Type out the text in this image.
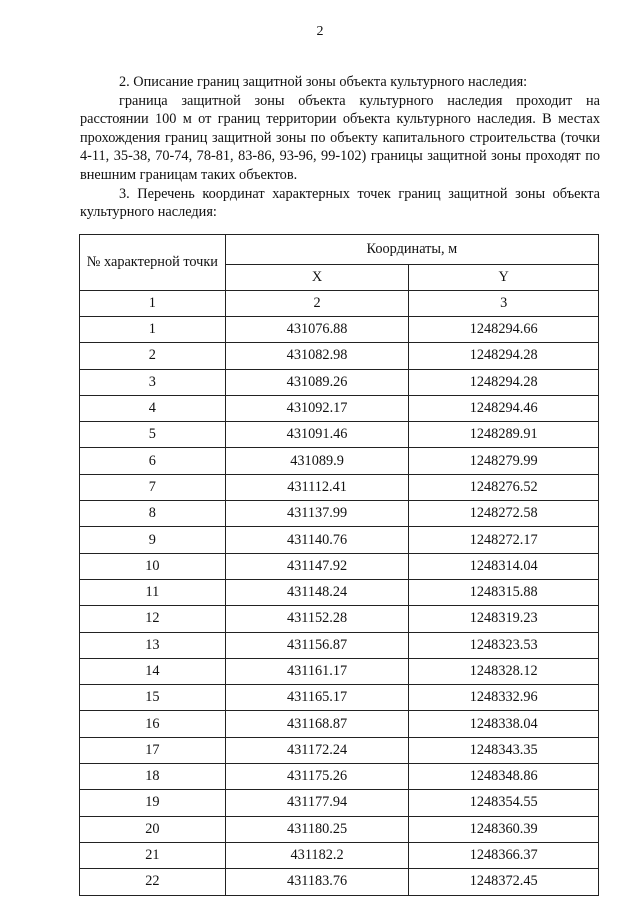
2

2. Описание границ защитной зоны объекта культурного наследия:

граница защитной зоны объекта культурного наследия проходит на расстоянии 100 м от границ территории объекта культурного наследия. В местах прохождения границ защитной зоны по объекту капитального строительства (точки 4-11, 35-38, 70-74, 78-81, 83-86, 93-96, 99-102) границы защитной зоны проходят по внешним границам таких объектов.

3. Перечень координат характерных точек границ защитной зоны объекта культурного наследия:

№ характерной точки	Координаты, м	
	X	Y
1	2	3
1	431076.88	1248294.66
2	431082.98	1248294.28
3	431089.26	1248294.28
4	431092.17	1248294.46
5	431091.46	1248289.91
6	431089.9	1248279.99
7	431112.41	1248276.52
8	431137.99	1248272.58
9	431140.76	1248272.17
10	431147.92	1248314.04
11	431148.24	1248315.88
12	431152.28	1248319.23
13	431156.87	1248323.53
14	431161.17	1248328.12
15	431165.17	1248332.96
16	431168.87	1248338.04
17	431172.24	1248343.35
18	431175.26	1248348.86
19	431177.94	1248354.55
20	431180.25	1248360.39
21	431182.2	1248366.37
22	431183.76	1248372.45
